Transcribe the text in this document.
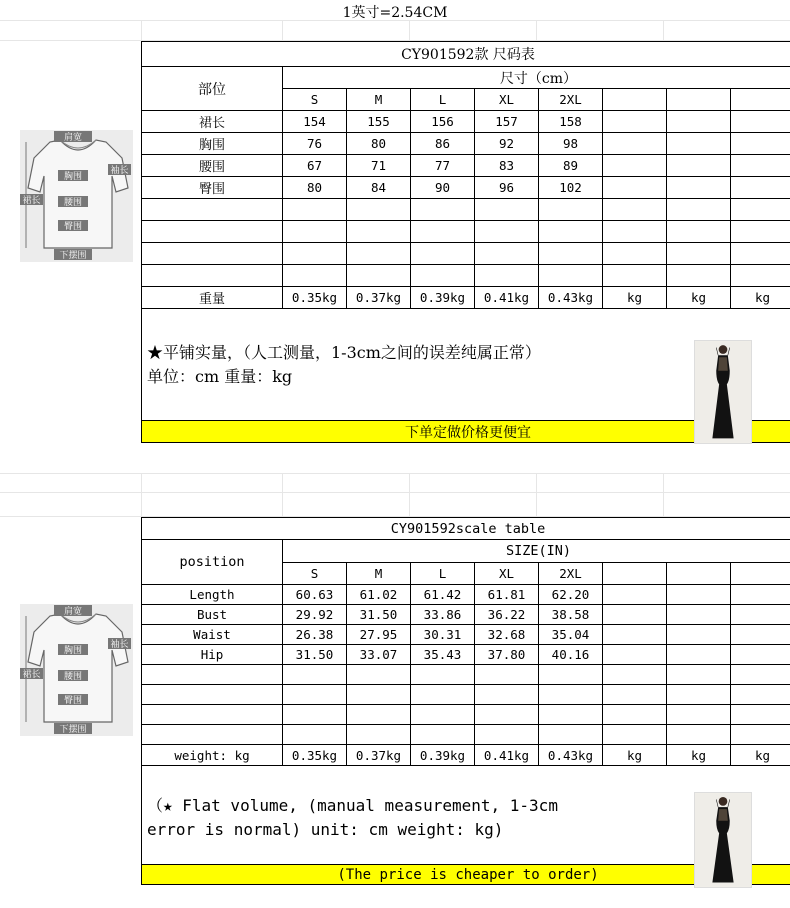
1英寸=2.54CM
CY901592款 尺码表								
部位	尺寸（cm）							
	S	M	L	XL	2XL			
裙长	154	155	156	157	158			
胸围	76	80	86	92	98			
腰围	67	71	77	83	89			
臀围	80	84	90	96	102			

重量	0.35kg	0.37kg	0.39kg	0.41kg	0.43kg	kg	kg	kg

★平铺实量，（人工测量，1-3cm之间的误差纯属正常）
单位：cm 重量：kg								

下单定做价格更便宜								
CY901592scale table								
position	SIZE(IN)							
	S	M	L	XL	2XL			
Length	60.63	61.02	61.42	61.81	62.20			
Bust	29.92	31.50	33.86	36.22	38.58			
Waist	26.38	27.95	30.31	32.68	35.04			
Hip	31.50	33.07	35.43	37.80	40.16			

weight: kg	0.35kg	0.37kg	0.39kg	0.41kg	0.43kg	kg	kg	kg

（★ Flat volume, (manual measurement, 1-3cm
error is normal) unit: cm weight: kg)								

(The price is cheaper to order)								
肩宽
袖长
胸围
裙长	腰围
臀围
下摆围
肩宽
袖长
胸围
裙长	腰围
臀围
下摆围
